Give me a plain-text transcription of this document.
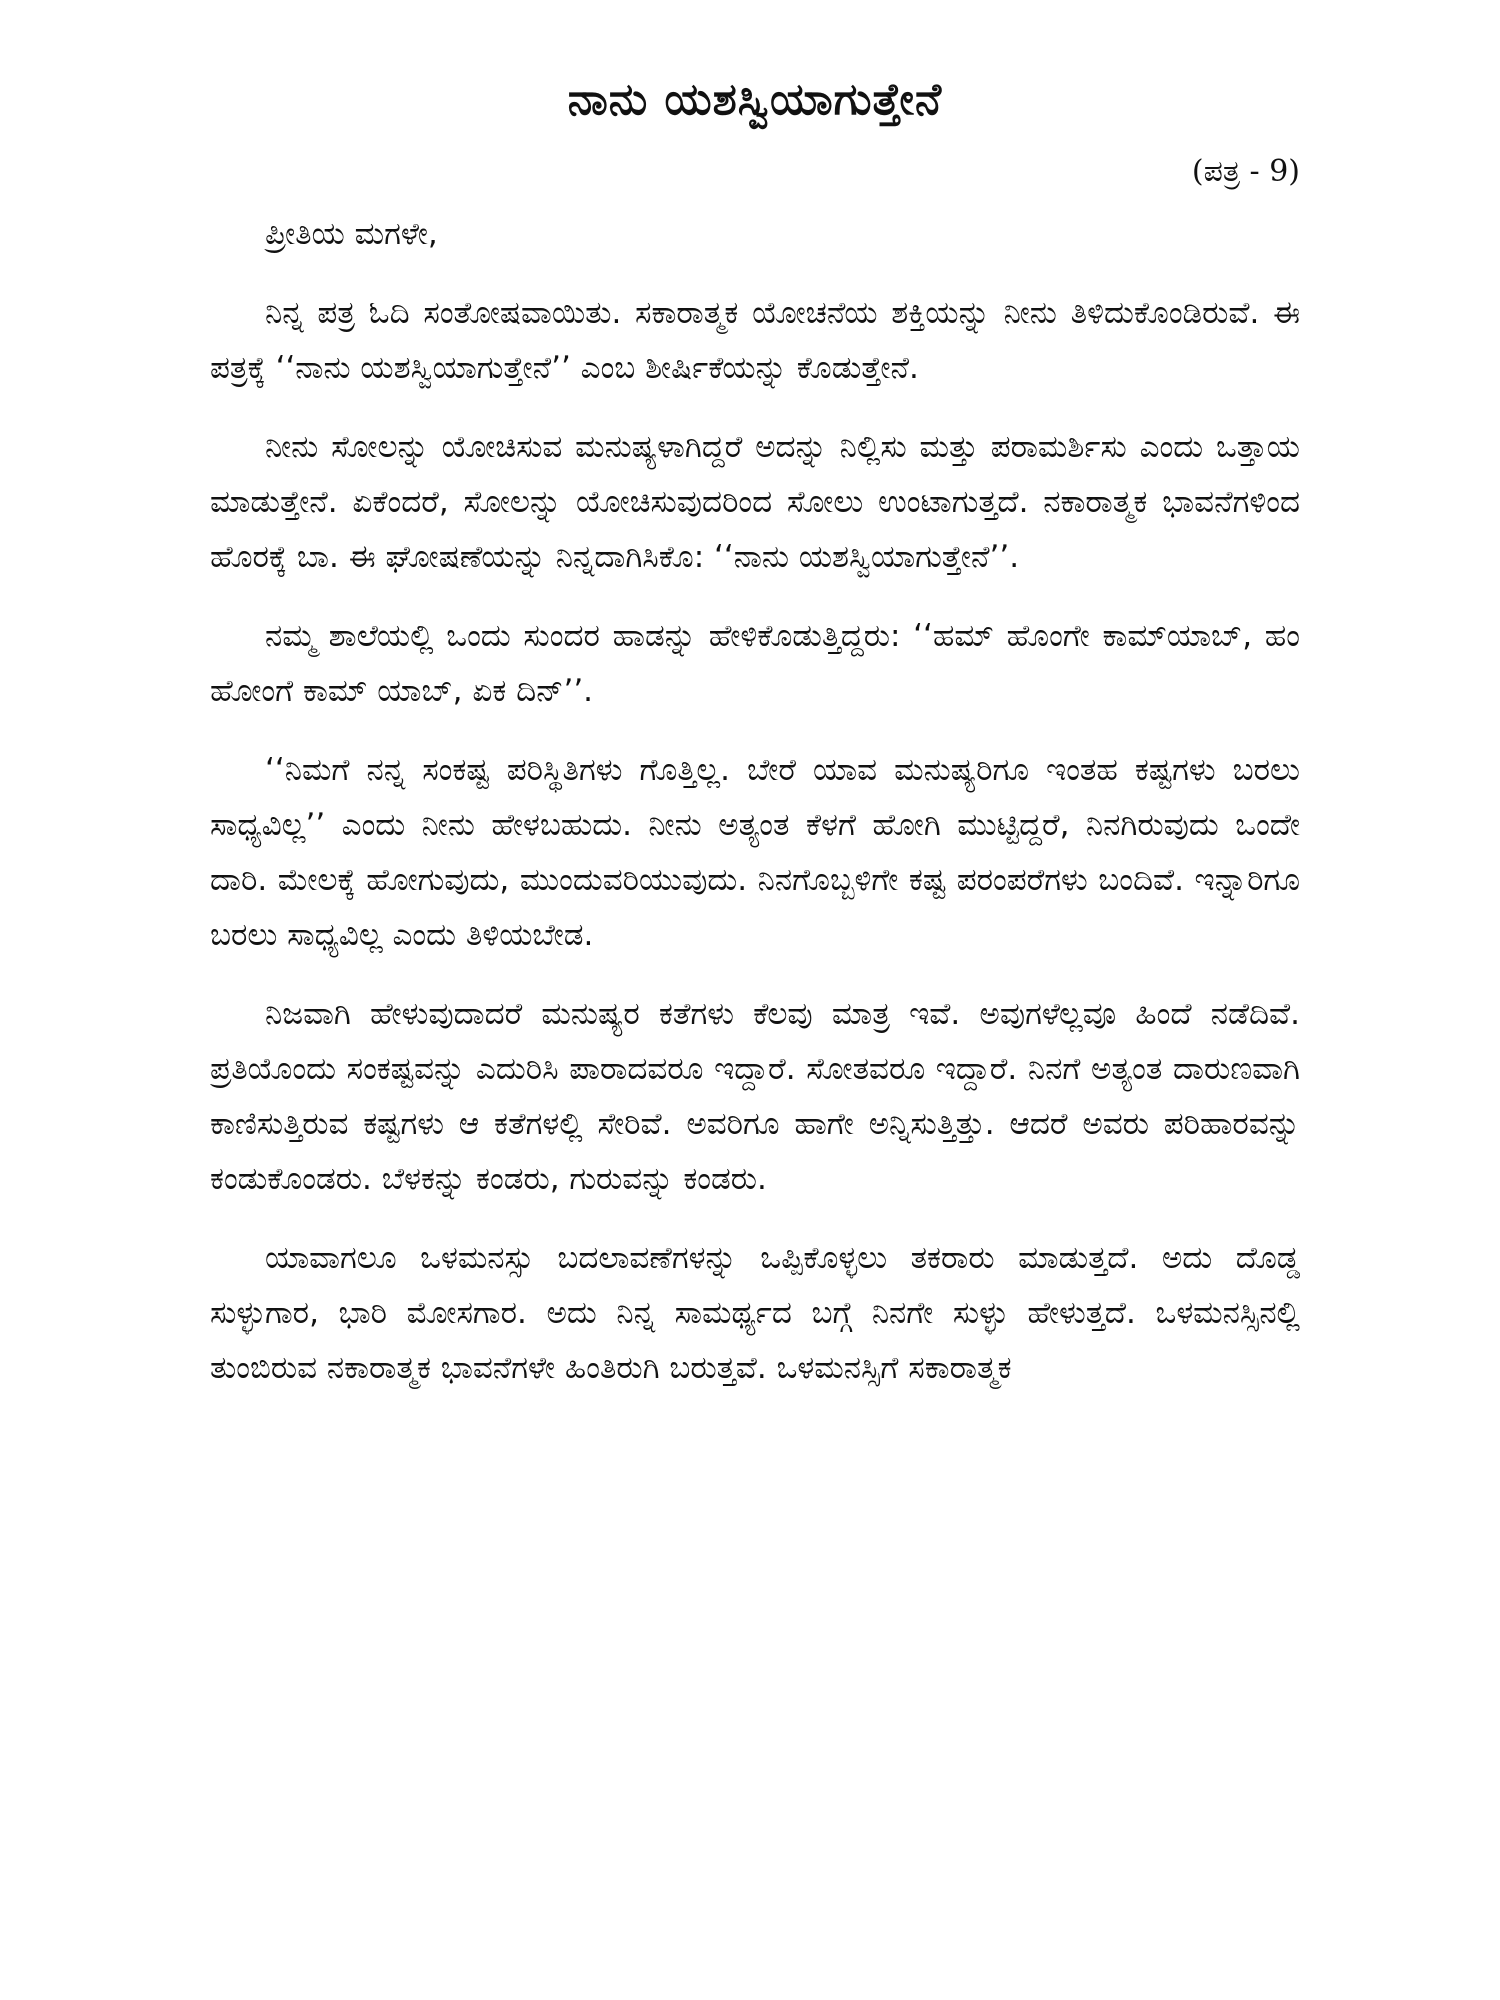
ನಾನು ಯಶಸ್ವಿಯಾಗುತ್ತೇನೆ
(ಪತ್ರ - 9)

ಪ್ರೀತಿಯ ಮಗಳೇ,

ನಿನ್ನ ಪತ್ರ ಓದಿ ಸಂತೋಷವಾಯಿತು. ಸಕಾರಾತ್ಮಕ ಯೋಚನೆಯ ಶಕ್ತಿಯನ್ನು ನೀನು ತಿಳಿದುಕೊಂಡಿರುವೆ. ಈ ಪತ್ರಕ್ಕೆ ‘‘ನಾನು ಯಶಸ್ವಿಯಾಗುತ್ತೇನೆ’’ ಎಂಬ ಶೀರ್ಷಿಕೆಯನ್ನು ಕೊಡುತ್ತೇನೆ.

ನೀನು ಸೋಲನ್ನು ಯೋಚಿಸುವ ಮನುಷ್ಯಳಾಗಿದ್ದರೆ ಅದನ್ನು ನಿಲ್ಲಿಸು ಮತ್ತು ಪರಾಮರ್ಶಿಸು ಎಂದು ಒತ್ತಾಯ ಮಾಡುತ್ತೇನೆ. ಏಕೆಂದರೆ, ಸೋಲನ್ನು ಯೋಚಿಸುವುದರಿಂದ ಸೋಲು ಉಂಟಾಗುತ್ತದೆ. ನಕಾರಾತ್ಮಕ ಭಾವನೆಗಳಿಂದ ಹೊರಕ್ಕೆ ಬಾ. ಈ ಘೋಷಣೆಯನ್ನು ನಿನ್ನದಾಗಿಸಿಕೊ: ‘‘ನಾನು ಯಶಸ್ವಿಯಾಗುತ್ತೇನೆ’’.

ನಮ್ಮ ಶಾಲೆಯಲ್ಲಿ ಒಂದು ಸುಂದರ ಹಾಡನ್ನು ಹೇಳಿಕೊಡುತ್ತಿದ್ದರು: ‘‘ಹಮ್ ಹೊಂಗೇ ಕಾಮ್‌ಯಾಬ್, ಹಂ ಹೋಂಗೆ ಕಾಮ್ ಯಾಬ್, ಏಕ ದಿನ್’’.

‘‘ನಿಮಗೆ ನನ್ನ ಸಂಕಷ್ಟ ಪರಿಸ್ಥಿತಿಗಳು ಗೊತ್ತಿಲ್ಲ. ಬೇರೆ ಯಾವ ಮನುಷ್ಯರಿಗೂ ಇಂತಹ ಕಷ್ಟಗಳು ಬರಲು ಸಾಧ್ಯವಿಲ್ಲ’’ ಎಂದು ನೀನು ಹೇಳಬಹುದು. ನೀನು ಅತ್ಯಂತ ಕೆಳಗೆ ಹೋಗಿ ಮುಟ್ಟಿದ್ದರೆ, ನಿನಗಿರುವುದು ಒಂದೇ ದಾರಿ. ಮೇಲಕ್ಕೆ ಹೋಗುವುದು, ಮುಂದುವರಿಯುವುದು. ನಿನಗೊಬ್ಬಳಿಗೇ ಕಷ್ಟ ಪರಂಪರೆಗಳು ಬಂದಿವೆ. ಇನ್ನಾರಿಗೂ ಬರಲು ಸಾಧ್ಯವಿಲ್ಲ ಎಂದು ತಿಳಿಯಬೇಡ.

ನಿಜವಾಗಿ ಹೇಳುವುದಾದರೆ ಮನುಷ್ಯರ ಕತೆಗಳು ಕೆಲವು ಮಾತ್ರ ಇವೆ. ಅವುಗಳೆಲ್ಲವೂ ಹಿಂದೆ ನಡೆದಿವೆ. ಪ್ರತಿಯೊಂದು ಸಂಕಷ್ಟವನ್ನು ಎದುರಿಸಿ ಪಾರಾದವರೂ ಇದ್ದಾರೆ. ಸೋತವರೂ ಇದ್ದಾರೆ. ನಿನಗೆ ಅತ್ಯಂತ ದಾರುಣವಾಗಿ ಕಾಣಿಸುತ್ತಿರುವ ಕಷ್ಟಗಳು ಆ ಕತೆಗಳಲ್ಲಿ ಸೇರಿವೆ. ಅವರಿಗೂ ಹಾಗೇ ಅನ್ನಿಸುತ್ತಿತ್ತು. ಆದರೆ ಅವರು ಪರಿಹಾರವನ್ನು ಕಂಡುಕೊಂಡರು. ಬೆಳಕನ್ನು ಕಂಡರು, ಗುರುವನ್ನು ಕಂಡರು.

ಯಾವಾಗಲೂ ಒಳಮನಸ್ಸು ಬದಲಾವಣೆಗಳನ್ನು ಒಪ್ಪಿಕೊಳ್ಳಲು ತಕರಾರು ಮಾಡುತ್ತದೆ. ಅದು ದೊಡ್ಡ ಸುಳ್ಳುಗಾರ, ಭಾರಿ ಮೋಸಗಾರ. ಅದು ನಿನ್ನ ಸಾಮರ್ಥ್ಯದ ಬಗ್ಗೆ ನಿನಗೇ ಸುಳ್ಳು ಹೇಳುತ್ತದೆ. ಒಳಮನಸ್ಸಿನಲ್ಲಿ ತುಂಬಿರುವ ನಕಾರಾತ್ಮಕ ಭಾವನೆಗಳೇ ಹಿಂತಿರುಗಿ ಬರುತ್ತವೆ. ಒಳಮನಸ್ಸಿಗೆ ಸಕಾರಾತ್ಮಕ
